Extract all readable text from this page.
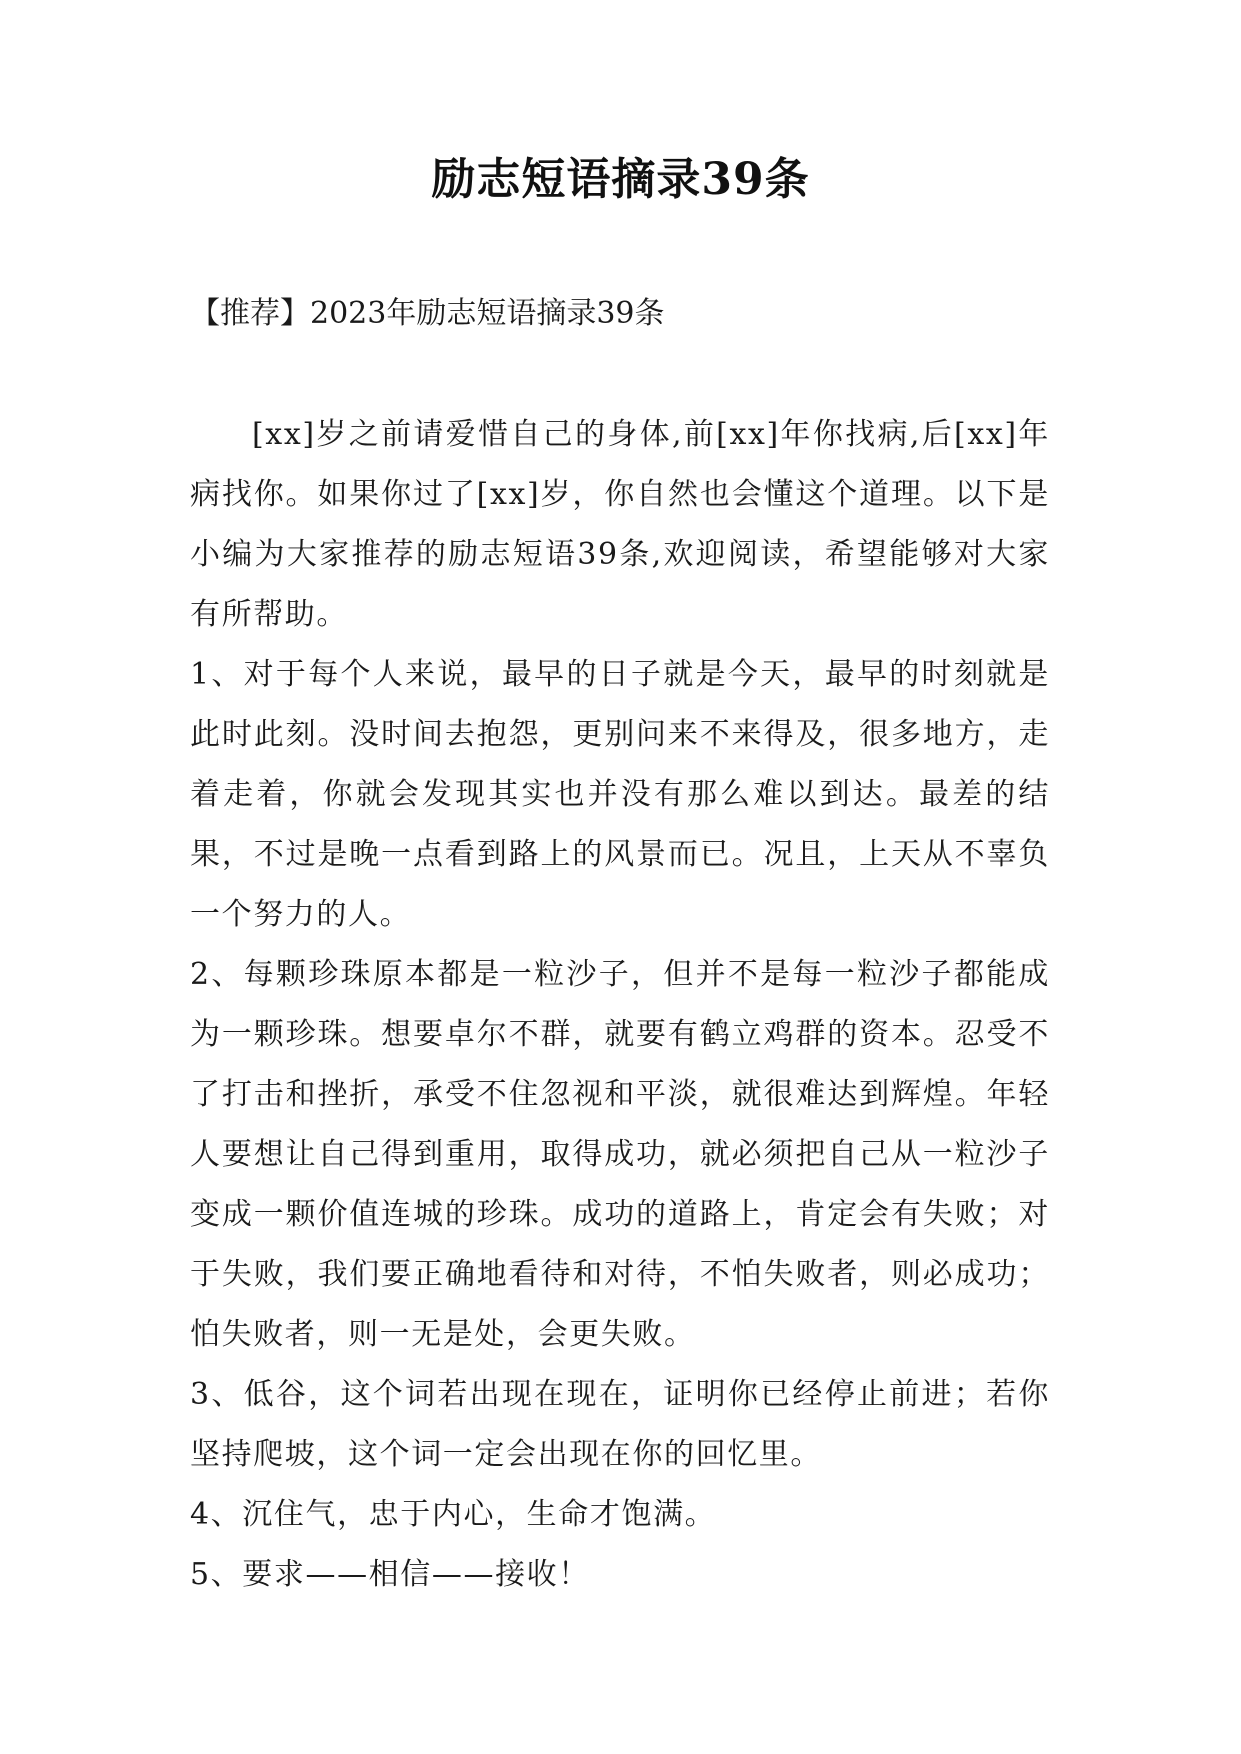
励志短语摘录39条

【推荐】2023年励志短语摘录39条

[xx]岁之前请爱惜自己的身体,前[xx]年你找病,后[xx]年病找你。如果你过了[xx]岁，你自然也会懂这个道理。以下是小编为大家推荐的励志短语39条,欢迎阅读，希望能够对大家有所帮助。

1、对于每个人来说，最早的日子就是今天，最早的时刻就是此时此刻。没时间去抱怨，更别问来不来得及，很多地方，走着走着，你就会发现其实也并没有那么难以到达。最差的结果，不过是晚一点看到路上的风景而已。况且，上天从不辜负一个努力的人。

2、每颗珍珠原本都是一粒沙子，但并不是每一粒沙子都能成为一颗珍珠。想要卓尔不群，就要有鹤立鸡群的资本。忍受不了打击和挫折，承受不住忽视和平淡，就很难达到辉煌。年轻人要想让自己得到重用，取得成功，就必须把自己从一粒沙子变成一颗价值连城的珍珠。成功的道路上，肯定会有失败；对于失败，我们要正确地看待和对待，不怕失败者，则必成功；怕失败者，则一无是处，会更失败。

3、低谷，这个词若出现在现在，证明你已经停止前进；若你坚持爬坡，这个词一定会出现在你的回忆里。

4、沉住气，忠于内心，生命才饱满。

5、要求——相信——接收！
